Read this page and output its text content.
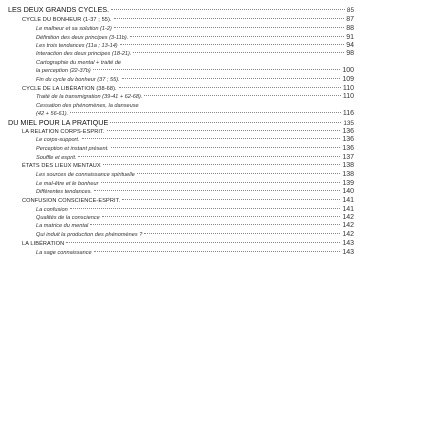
LES DEUX GRANDS CYCLES.	85
CYCLE DU BONHEUR (1-37 ; 55).	87
Le malheur et sa solution (1-2)	88
Définition des deux principes (3-11b).	91
Les trois tendances (11a ; 13-14)	94
Interaction des deux principes (18-21).	98
Cartographie du mental + traité de
la perception (22-37b)	100
Fin du cycle du bonheur (37 ; 55).	109
CYCLE DE LA LIBÉRATION (38-68).	110
Traité de la transmigration (39-41 + 62-68).	110
Cessation des phénomènes, la danseuse
(42 + 56-61).	116
DU MIEL POUR LA PRATIQUE	135
LA RELATION CORPS-ESPRIT.	136
Le corps-support.	136
Perception et instant présent.	136
Souffle et esprit.	137
ÉTATS DES LIEUX MENTAUX	138
Les sources de connaissance spirituelle	138
Le mal-être et le bonheur	139
Différentes tendances.	140
CONFUSION CONSCIENCE-ESPRIT.	141
La confusion	141
Qualités de la conscience	142
La matrice du mental	142
Qui induit la production des phénomènes ?	142
LA LIBÉRATION	143
La sage connaissance	143
